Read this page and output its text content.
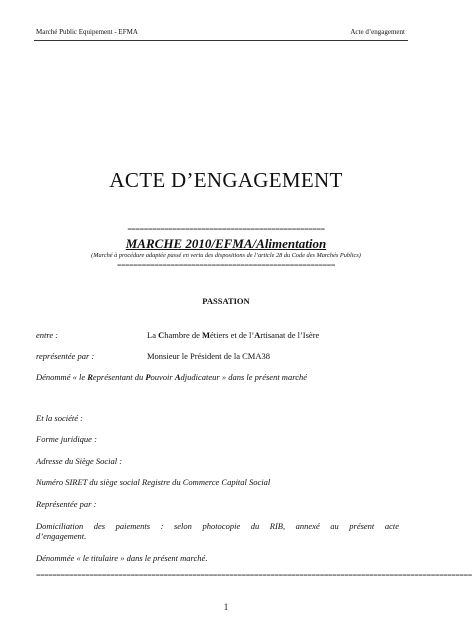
Marché Public Equipement - EFMA	Acte d’engagement
ACTE D’ENGAGEMENT
================================================
MARCHE 2010/EFMA/Alimentation
(Marché à procédure adaptée passé en vertu des dispositions de l’article 28 du Code des Marchés Publics)
=====================================================
PASSATION
entre :	La Chambre de Métiers et de l’Artisanat de l’Isère
représentée par :	Monsieur le Président de la CMA38
Dénommé « le Représentant du Pouvoir Adjudicateur » dans le présent marché
Et la société :
Forme juridique :
Adresse du Siège Social :
Numéro SIRET du siège social Registre du Commerce Capital Social
Représentée par :
Domiciliation des paiements : selon photocopie du RIB, annexé au présent acte
d’engagement.
Dénommée « le titulaire » dans le présent marché.
==========================================================================================================
1
